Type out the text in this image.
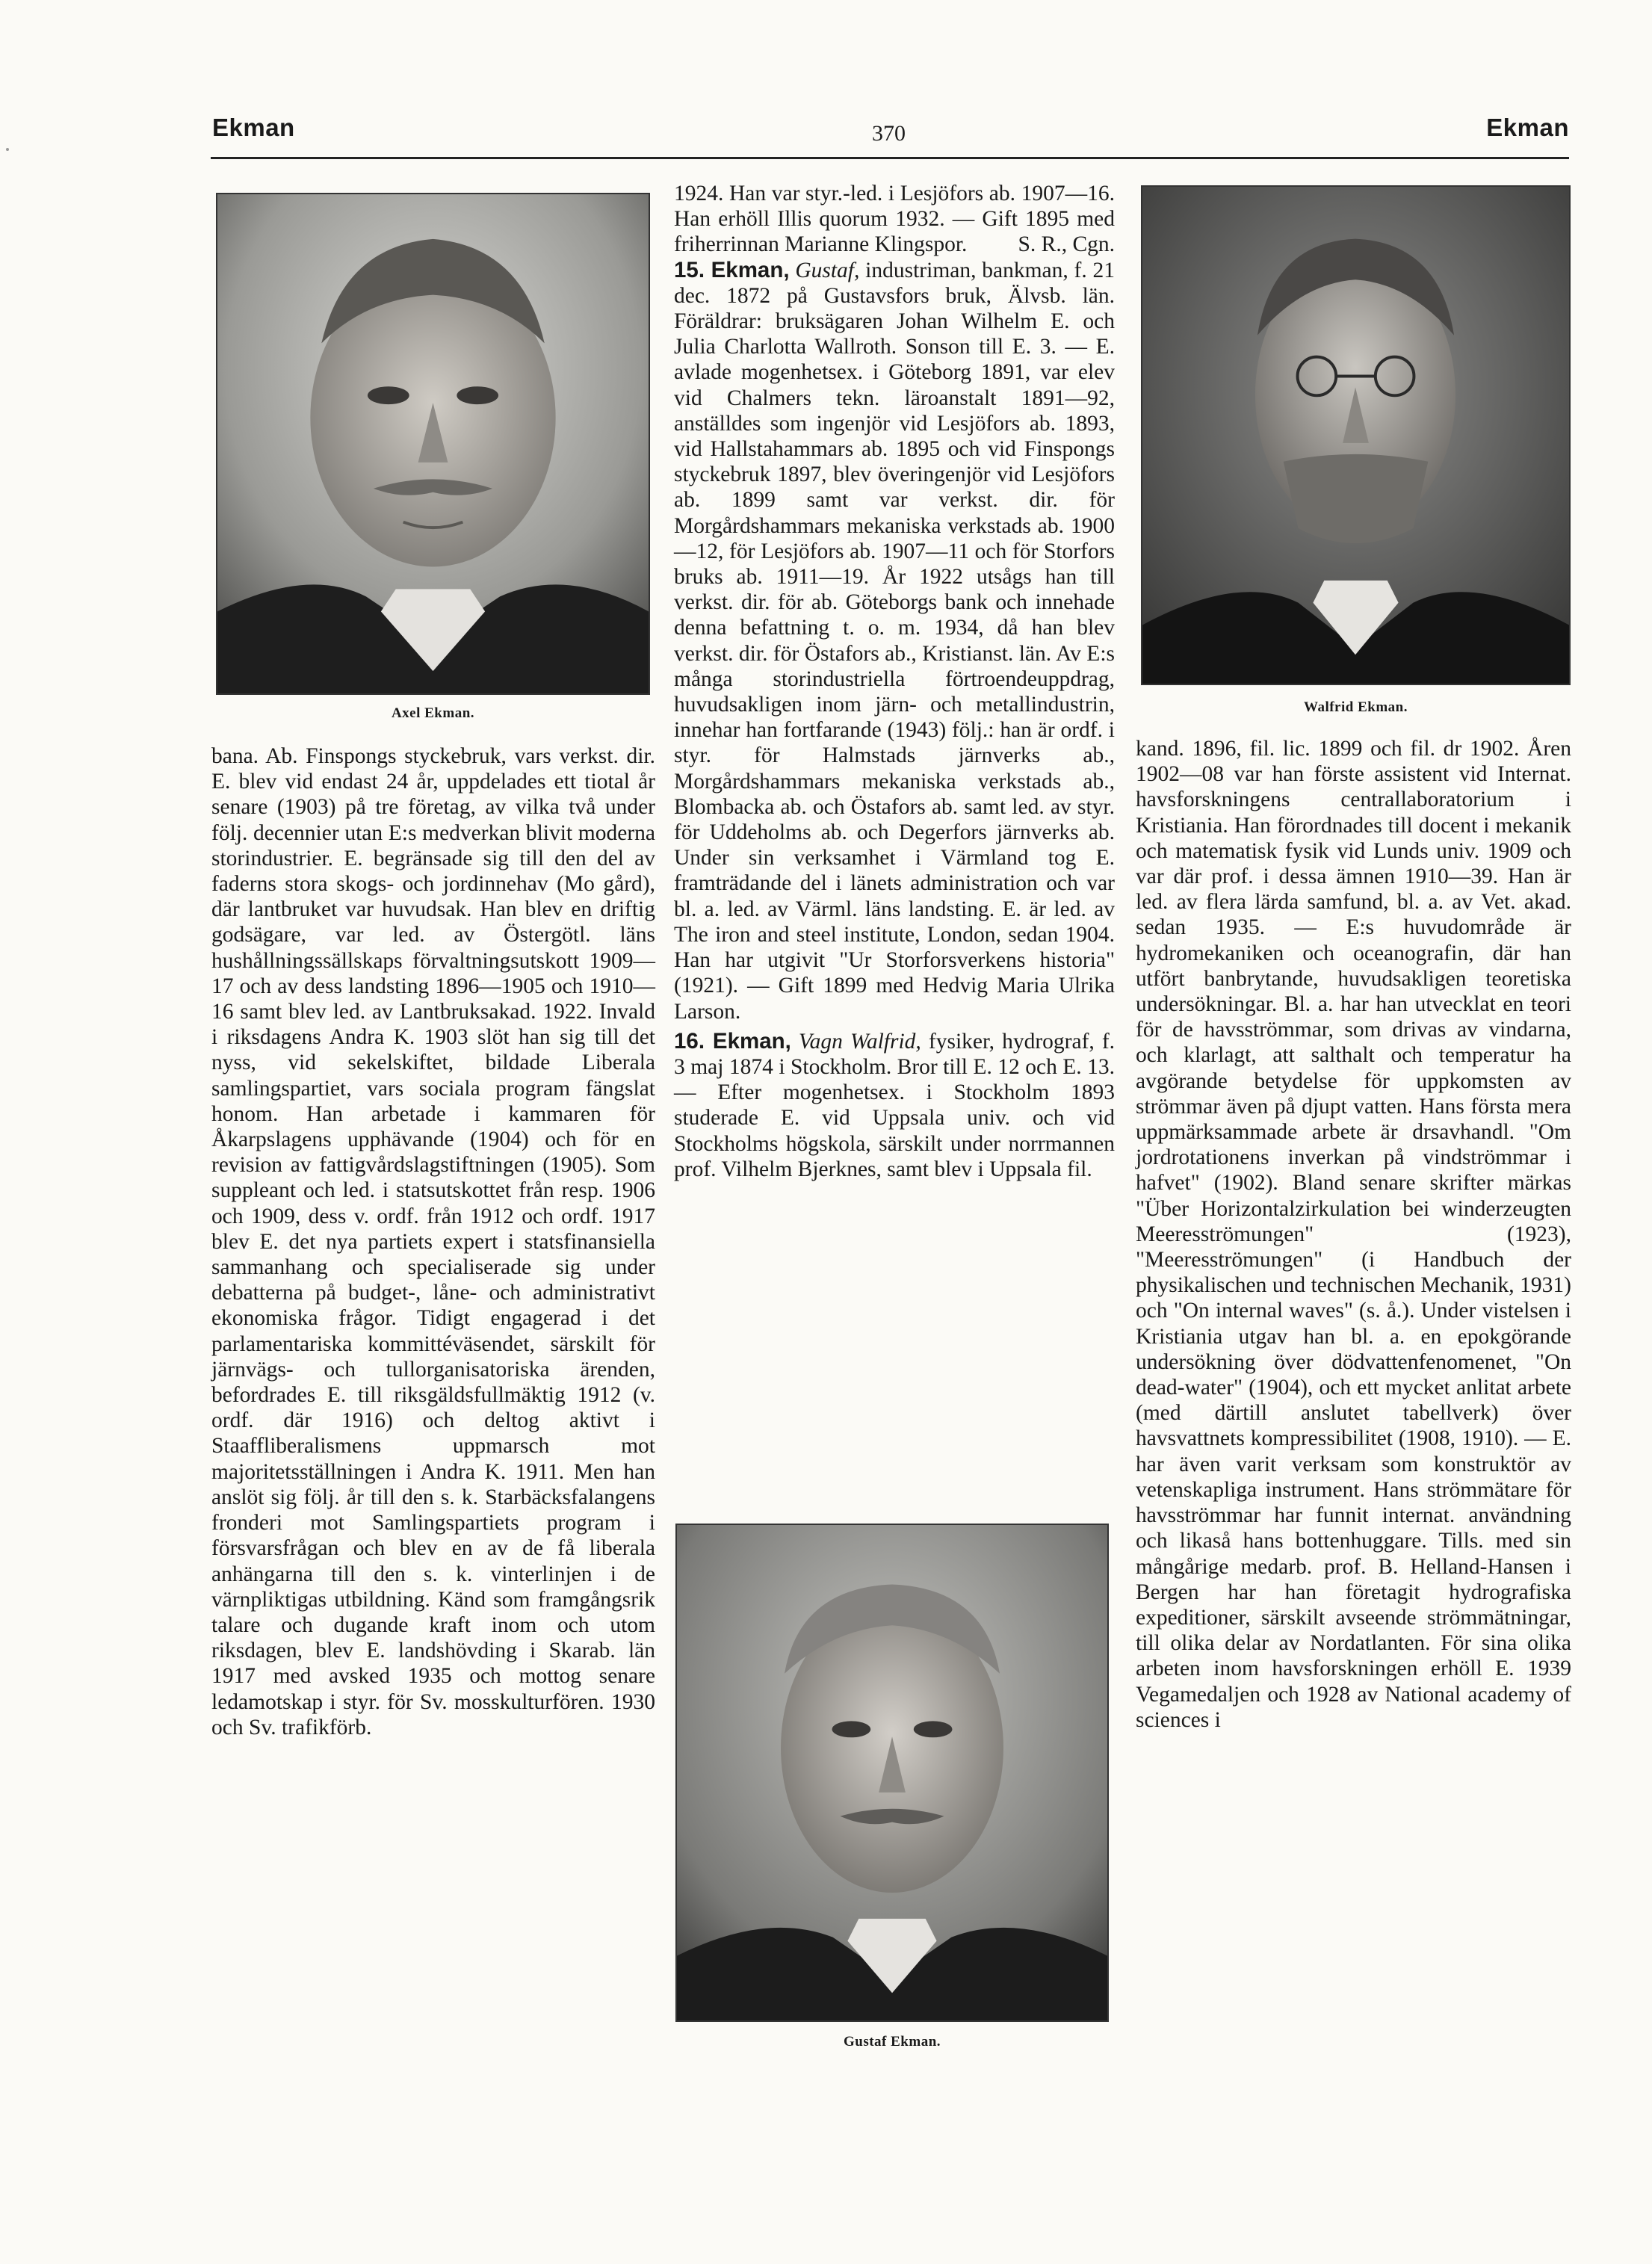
Ekman	370	Ekman
Axel Ekman.	Walfrid Ekman.
Gustaf Ekman.

bana. Ab. Finspongs styckebruk, vars verkst. dir. E. blev vid endast 24 år, uppdelades ett tiotal år senare (1903) på tre företag, av vilka två under följ. decennier utan E:s medverkan blivit moderna storindustrier. E. begränsade sig till den del av faderns stora skogs- och jordinnehav (Mo gård), där lantbruket var huvudsak. Han blev en driftig godsägare, var led. av Östergötl. läns hushållningssällskaps förvaltningsutskott 1909—17 och av dess landsting 1896—1905 och 1910—16 samt blev led. av Lantbruksakad. 1922. Invald i riksdagens Andra K. 1903 slöt han sig till det nyss, vid sekelskiftet, bildade Liberala samlingspartiet, vars sociala program fängslat honom. Han arbetade i kammaren för Åkarpslagens upphävande (1904) och för en revision av fattigvårdslagstiftningen (1905). Som suppleant och led. i statsutskottet från resp. 1906 och 1909, dess v. ordf. från 1912 och ordf. 1917 blev E. det nya partiets expert i statsfinansiella sammanhang och specialiserade sig under debatterna på budget-, låne- och administrativt ekonomiska frågor. Tidigt engagerad i det parlamentariska kommittéväsendet, särskilt för järnvägs- och tullorganisatoriska ärenden, befordrades E. till riksgäldsfullmäktig 1912 (v. ordf. där 1916) och deltog aktivt i Staaffliberalismens uppmarsch mot majoritetsställningen i Andra K. 1911. Men han anslöt sig följ. år till den s. k. Starbäcksfalangens fronderi mot Samlingspartiets program i försvarsfrågan och blev en av de få liberala anhängarna till den s. k. vinterlinjen i de värnpliktigas utbildning. Känd som framgångsrik talare och dugande kraft inom och utom riksdagen, blev E. landshövding i Skarab. län 1917 med avsked 1935 och mottog senare ledamotskap i styr. för Sv. mosskulturfören. 1930 och Sv. trafikförb.

1924. Han var styr.-led. i Lesjöfors ab. 1907—16. Han erhöll Illis quorum 1932. — Gift 1895 med friherrinnan Marianne Klingspor. S. R., Cgn.

15. Ekman, Gustaf, industriman, bankman, f. 21 dec. 1872 på Gustavsfors bruk, Älvsb. län. Föräldrar: bruksägaren Johan Wilhelm E. och Julia Charlotta Wallroth. Sonson till E. 3. — E. avlade mogenhetsex. i Göteborg 1891, var elev vid Chalmers tekn. läroanstalt 1891—92, anställdes som ingenjör vid Lesjöfors ab. 1893, vid Hallstahammars ab. 1895 och vid Finspongs styckebruk 1897, blev överingenjör vid Lesjöfors ab. 1899 samt var verkst. dir. för Morgårdshammars mekaniska verkstads ab. 1900—12, för Lesjöfors ab. 1907—11 och för Storfors bruks ab. 1911—19. År 1922 utsågs han till verkst. dir. för ab. Göteborgs bank och innehade denna befattning t. o. m. 1934, då han blev verkst. dir. för Östafors ab., Kristianst. län. Av E:s många storindustriella förtroendeuppdrag, huvudsakligen inom järn- och metallindustrin, innehar han fortfarande (1943) följ.: han är ordf. i styr. för Halmstads järnverks ab., Morgårdshammars mekaniska verkstads ab., Blombacka ab. och Östafors ab. samt led. av styr. för Uddeholms ab. och Degerfors järnverks ab. Under sin verksamhet i Värmland tog E. framträdande del i länets administration och var bl. a. led. av Värml. läns landsting. E. är led. av The iron and steel institute, London, sedan 1904. Han har utgivit "Ur Storforsverkens historia" (1921). — Gift 1899 med Hedvig Maria Ulrika Larson.

16. Ekman, Vagn Walfrid, fysiker, hydrograf, f. 3 maj 1874 i Stockholm. Bror till E. 12 och E. 13. — Efter mogenhetsex. i Stockholm 1893 studerade E. vid Uppsala univ. och vid Stockholms högskola, särskilt under norrmannen prof. Vilhelm Bjerknes, samt blev i Uppsala fil.

kand. 1896, fil. lic. 1899 och fil. dr 1902. Åren 1902—08 var han förste assistent vid Internat. havsforskningens centrallaboratorium i Kristiania. Han förordnades till docent i mekanik och matematisk fysik vid Lunds univ. 1909 och var där prof. i dessa ämnen 1910—39. Han är led. av flera lärda samfund, bl. a. av Vet. akad. sedan 1935. — E:s huvudområde är hydromekaniken och oceanografin, där han utfört banbrytande, huvudsakligen teoretiska undersökningar. Bl. a. har han utvecklat en teori för de havsströmmar, som drivas av vindarna, och klarlagt, att salthalt och temperatur ha avgörande betydelse för uppkomsten av strömmar även på djupt vatten. Hans första mera uppmärksammade arbete är drsavhandl. "Om jordrotationens inverkan på vindströmmar i hafvet" (1902). Bland senare skrifter märkas "Über Horizontalzirkulation bei winderzeugten Meeresströmungen" (1923), "Meeresströmungen" (i Handbuch der physikalischen und technischen Mechanik, 1931) och "On internal waves" (s. å.). Under vistelsen i Kristiania utgav han bl. a. en epokgörande undersökning över dödvattenfenomenet, "On dead-water" (1904), och ett mycket anlitat arbete (med därtill anslutet tabellverk) över havsvattnets kompressibilitet (1908, 1910). — E. har även varit verksam som konstruktör av vetenskapliga instrument. Hans strömmätare för havsströmmar har funnit internat. användning och likaså hans bottenhuggare. Tills. med sin mångårige medarb. prof. B. Helland-Hansen i Bergen har han företagit hydrografiska expeditioner, särskilt avseende strömmätningar, till olika delar av Nordatlanten. För sina olika arbeten inom havsforskningen erhöll E. 1939 Vegamedaljen och 1928 av National academy of sciences i
